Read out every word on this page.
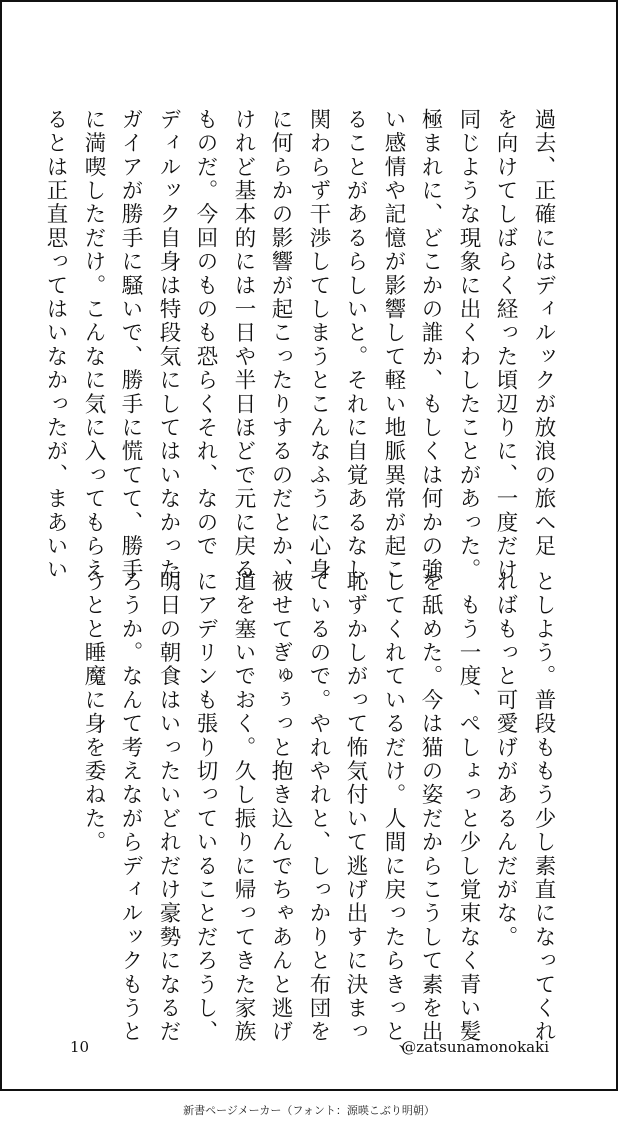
過去、正確にはディルックが放浪の旅へ足

を向けてしばらく経った頃辺りに、一度だけ

同じような現象に出くわしたことがあった。

極まれに、どこかの誰か、もしくは何かの強

い感情や記憶が影響して軽い地脈異常が起こ

ることがあるらしいと。それに自覚あるなし

関わらず干渉してしまうとこんなふうに心身

に何らかの影響が起こったりするのだとか、

けれど基本的には一日や半日ほどで元に戻る

ものだ。今回のものも恐らくそれ、なので

ディルック自身は特段気にしてはいなかった。

ガイアが勝手に騒いで、勝手に慌てて、勝手

に満喫しただけ。こんなに気に入ってもらえ

るとは正直思ってはいなかったが、まあいい

としよう。普段ももう少し素直になってくれ

ればもっと可愛げがあるんだがな。

　もう一度、ぺしょっと少し覚束なく青い髪

を舐めた。今は猫の姿だからこうして素を出

してくれているだけ。人間に戻ったらきっと、

恥ずかしがって怖気付いて逃げ出すに決まっ

ているので。やれやれと、しっかりと布団を

被せてぎゅぅっと抱き込んでちゃあんと逃げ

道を塞いでおく。久し振りに帰ってきた家族

にアデリンも張り切っていることだろうし、

明日の朝食はいったいどれだけ豪勢になるだ

ろうか。なんて考えながらディルックもうと

うとと睡魔に身を委ねた。

10	@zatsunamonokaki
新書ページメーカー（フォント：源暎こぶり明朝）
